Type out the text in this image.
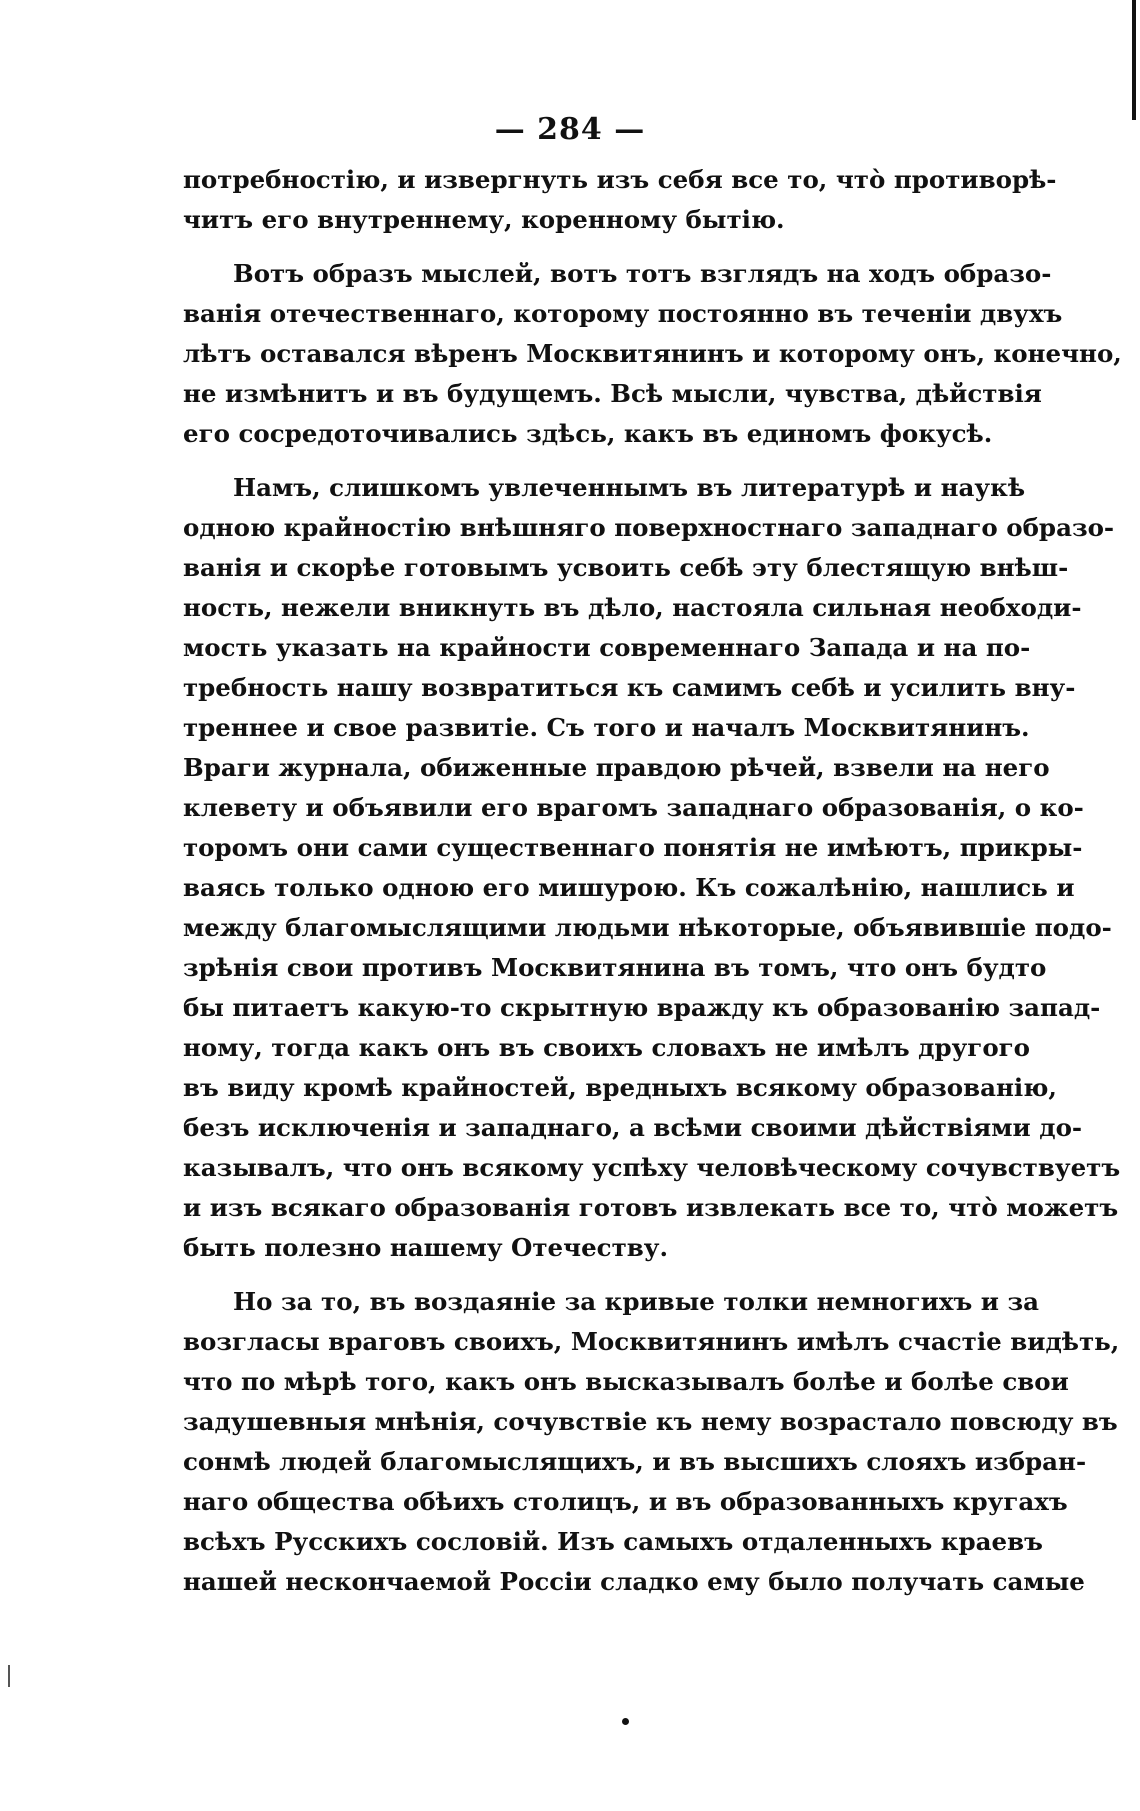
— 284 —
потребностію, и извергнуть изъ себя все то, что̀ противорѣ-
читъ его внутреннему, коренному бытію.
Вотъ образъ мыслей, вотъ тотъ взглядъ на ходъ образо-
ванія отечественнаго, которому постоянно въ теченіи двухъ
лѣтъ оставался вѣренъ Москвитянинъ и которому онъ, конечно,
не измѣнитъ и въ будущемъ. Всѣ мысли, чувства, дѣйствія
его сосредоточивались здѣсь, какъ въ единомъ фокусѣ.
Намъ, слишкомъ увлеченнымъ въ литературѣ и наукѣ
одною крайностію внѣшняго поверхностнаго западнаго образо-
ванія и скорѣе готовымъ усвоить себѣ эту блестящую внѣш-
ность, нежели вникнуть въ дѣло, настояла сильная необходи-
мость указать на крайности современнаго Запада и на по-
требность нашу возвратиться къ самимъ себѣ и усилить вну-
треннее и свое развитіе. Съ того и началъ Москвитянинъ.
Враги журнала, обиженные правдою рѣчей, взвели на него
клевету и объявили его врагомъ западнаго образованія, о ко-
торомъ они сами существеннаго понятія не имѣютъ, прикры-
ваясь только одною его мишурою. Къ сожалѣнію, нашлись и
между благомыслящими людьми нѣкоторые, объявившіе подо-
зрѣнія свои противъ Москвитянина въ томъ, что онъ будто
бы питаетъ какую-то скрытную вражду къ образованію запад-
ному, тогда какъ онъ въ своихъ словахъ не имѣлъ другого
въ виду кромѣ крайностей, вредныхъ всякому образованію,
безъ исключенія и западнаго, а всѣми своими дѣйствіями до-
казывалъ, что онъ всякому успѣху человѣческому сочувствуетъ
и изъ всякаго образованія готовъ извлекать все то, что̀ можетъ
быть полезно нашему Отечеству.
Но за то, въ воздаяніе за кривые толки немногихъ и за
возгласы враговъ своихъ, Москвитянинъ имѣлъ счастіе видѣть,
что по мѣрѣ того, какъ онъ высказывалъ болѣе и болѣе свои
задушевныя мнѣнія, сочувствіе къ нему возрастало повсюду въ
сонмѣ людей благомыслящихъ, и въ высшихъ слояхъ избран-
наго общества обѣихъ столицъ, и въ образованныхъ кругахъ
всѣхъ Русскихъ сословій. Изъ самыхъ отдаленныхъ краевъ
нашей нескончаемой Россіи сладко ему было получать самые
